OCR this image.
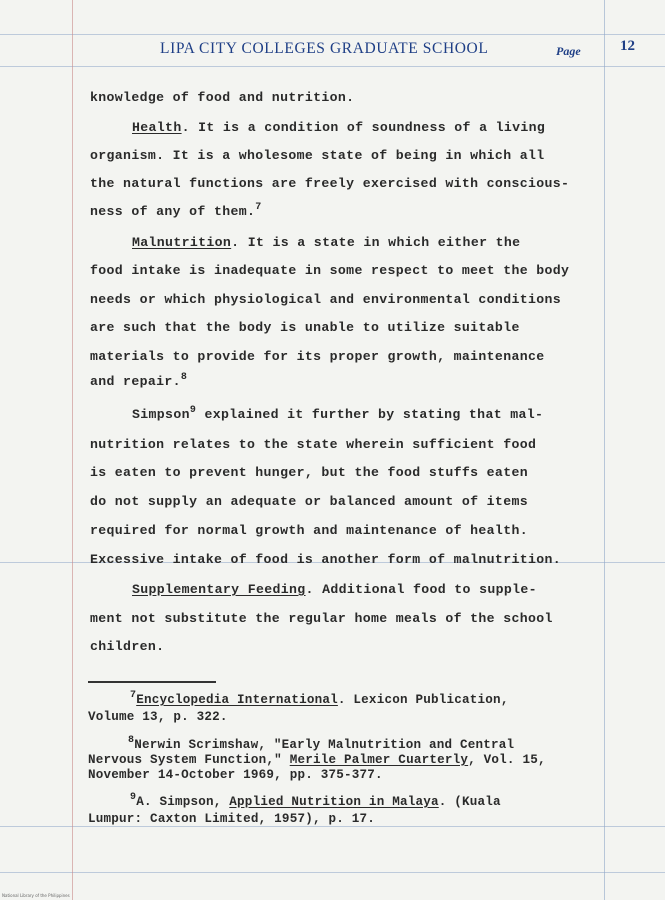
LIPA CITY COLLEGES GRADUATE SCHOOL	Page	12
knowledge of food and nutrition.
Health. It is a condition of soundness of a living
organism. It is a wholesome state of being in which all
the natural functions are freely exercised with conscious-
ness of any of them.$^7$
Malnutrition. It is a state in which either the
food intake is inadequate in some respect to meet the body
needs or which physiological and environmental conditions
are such that the body is unable to utilize suitable
materials to provide for its proper growth, maintenance
and repair.$^8$
Simpson$^9$ explained it further by stating that mal-
nutrition relates to the state wherein sufficient food
is eaten to prevent hunger, but the food stuffs eaten
do not supply an adequate or balanced amount of items
required for normal growth and maintenance of health.
Excessive intake of food is another form of malnutrition.
Supplementary Feeding. Additional food to supple-
ment not substitute the regular home meals of the school
children.
$^7$Encyclopedia International. Lexicon Publication,
Volume 13, p. 322.
$^8$Nerwin Scrimshaw, "Early Malnutrition and Central
Nervous System Function," Merile Palmer Cuarterly, Vol. 15,
November 14-October 1969, pp. 375-377.
$^9$A. Simpson, Applied Nutrition in Malaya. (Kuala
Lumpur: Caxton Limited, 1957), p. 17.
National Library of the Philippines
